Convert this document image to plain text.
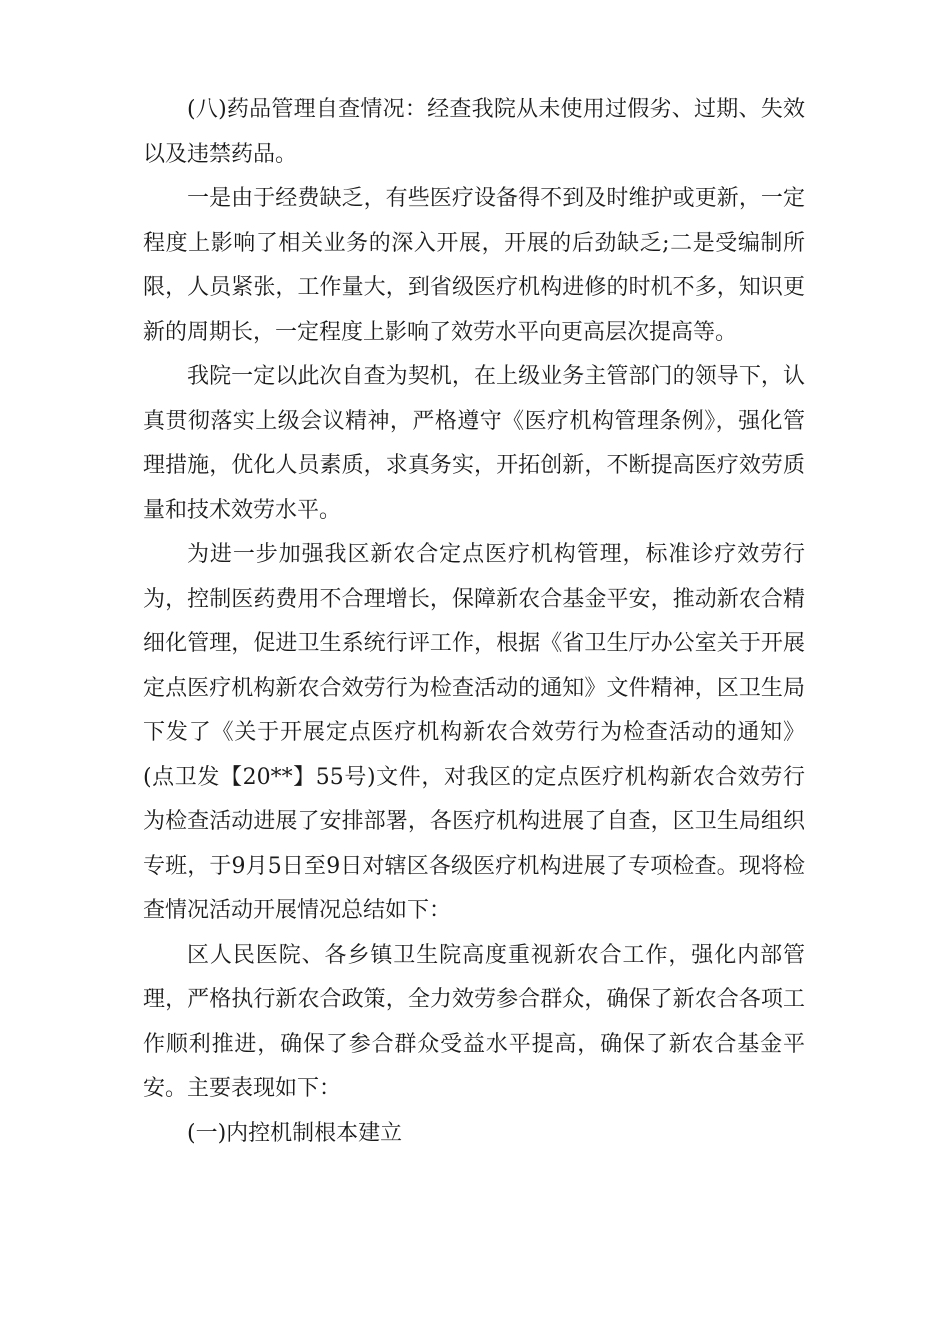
(八)药品管理自查情况：经查我院从未使用过假劣、过期、失效以及违禁药品。

一是由于经费缺乏，有些医疗设备得不到及时维护或更新，一定程度上影响了相关业务的深入开展，开展的后劲缺乏;二是受编制所限，人员紧张，工作量大，到省级医疗机构进修的时机不多，知识更新的周期长，一定程度上影响了效劳水平向更高层次提高等。

我院一定以此次自查为契机，在上级业务主管部门的领导下，认真贯彻落实上级会议精神，严格遵守《医疗机构管理条例》，强化管理措施，优化人员素质，求真务实，开拓创新，不断提高医疗效劳质量和技术效劳水平。

为进一步加强我区新农合定点医疗机构管理，标准诊疗效劳行为，控制医药费用不合理增长，保障新农合基金平安，推动新农合精细化管理，促进卫生系统行评工作，根据《省卫生厅办公室关于开展定点医疗机构新农合效劳行为检查活动的通知》文件精神，区卫生局下发了《关于开展定点医疗机构新农合效劳行为检查活动的通知》(点卫发【20**】55号)文件，对我区的定点医疗机构新农合效劳行为检查活动进展了安排部署，各医疗机构进展了自查，区卫生局组织专班，于9月5日至9日对辖区各级医疗机构进展了专项检查。现将检查情况活动开展情况总结如下：

区人民医院、各乡镇卫生院高度重视新农合工作，强化内部管理，严格执行新农合政策，全力效劳参合群众，确保了新农合各项工作顺利推进，确保了参合群众受益水平提高，确保了新农合基金平安。主要表现如下：

(一)内控机制根本建立
